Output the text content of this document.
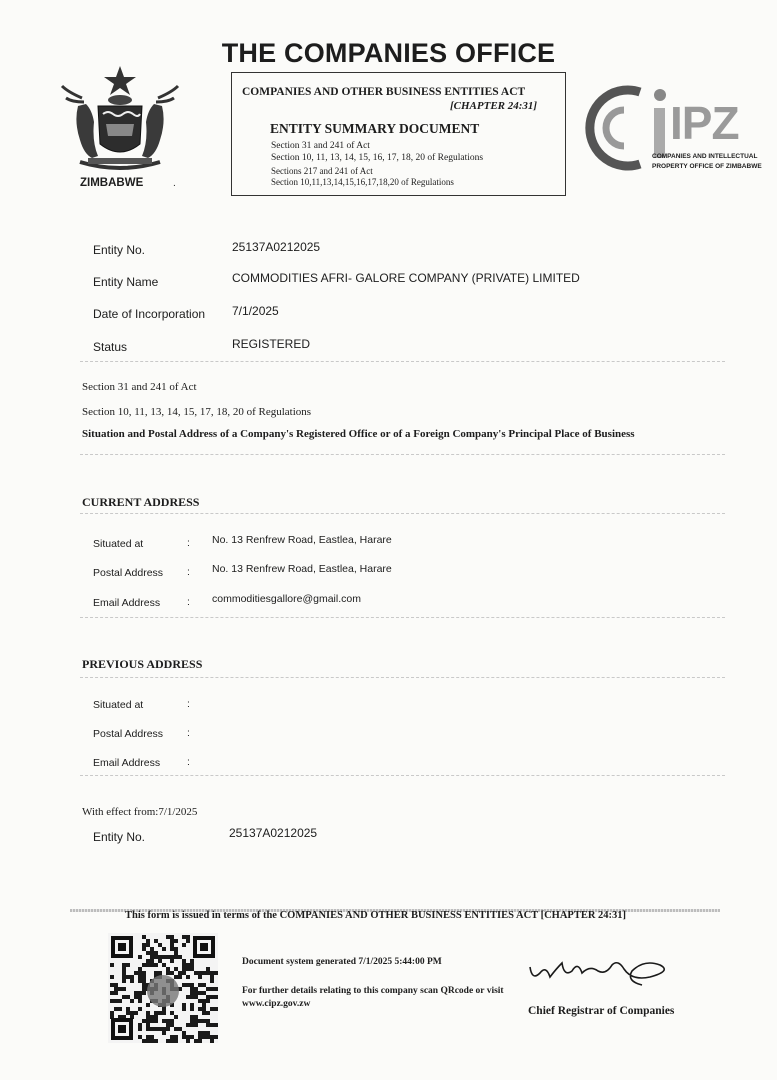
THE COMPANIES OFFICE
ZIMBABWE	.
COMPANIES AND OTHER BUSINESS ENTITIES ACT
[CHAPTER 24:31]
ENTITY SUMMARY DOCUMENT
Section 31 and 241 of Act
Section 10, 11, 13, 14, 15, 16, 17, 18, 20 of Regulations
Sections 217 and 241 of Act
Section 10,11,13,14,15,16,17,18,20 of Regulations
IPZ
COMPANIES AND INTELLECTUAL
PROPERTY OFFICE OF ZIMBABWE
Entity No.	25137A0212025
Entity Name	COMMODITIES AFRI- GALORE COMPANY (PRIVATE) LIMITED
Date of Incorporation 7/1/2025
Status	REGISTERED
Section 31 and 241 of Act
Section 10, 11, 13, 14, 15, 17, 18, 20 of Regulations
Situation and Postal Address of a Company's Registered Office or of a Foreign Company's Principal Place of Business
CURRENT ADDRESS
Situated at	: No. 13 Renfrew Road, Eastlea, Harare
Postal Address : No. 13 Renfrew Road, Eastlea, Harare
Email Address	: commoditiesgallore@gmail.com
PREVIOUS ADDRESS
Situated at	:
Postal Address :
Email Address	:
With effect from:7/1/2025
Entity No.	25137A0212025
This form is issued in terms of the COMPANIES AND OTHER BUSINESS ENTITIES ACT [CHAPTER 24:31]
Document system generated 7/1/2025 5:44:00 PM
For further details relating to this company scan QRcode or visit www.cipz.gov.zw
Chief Registrar of Companies
